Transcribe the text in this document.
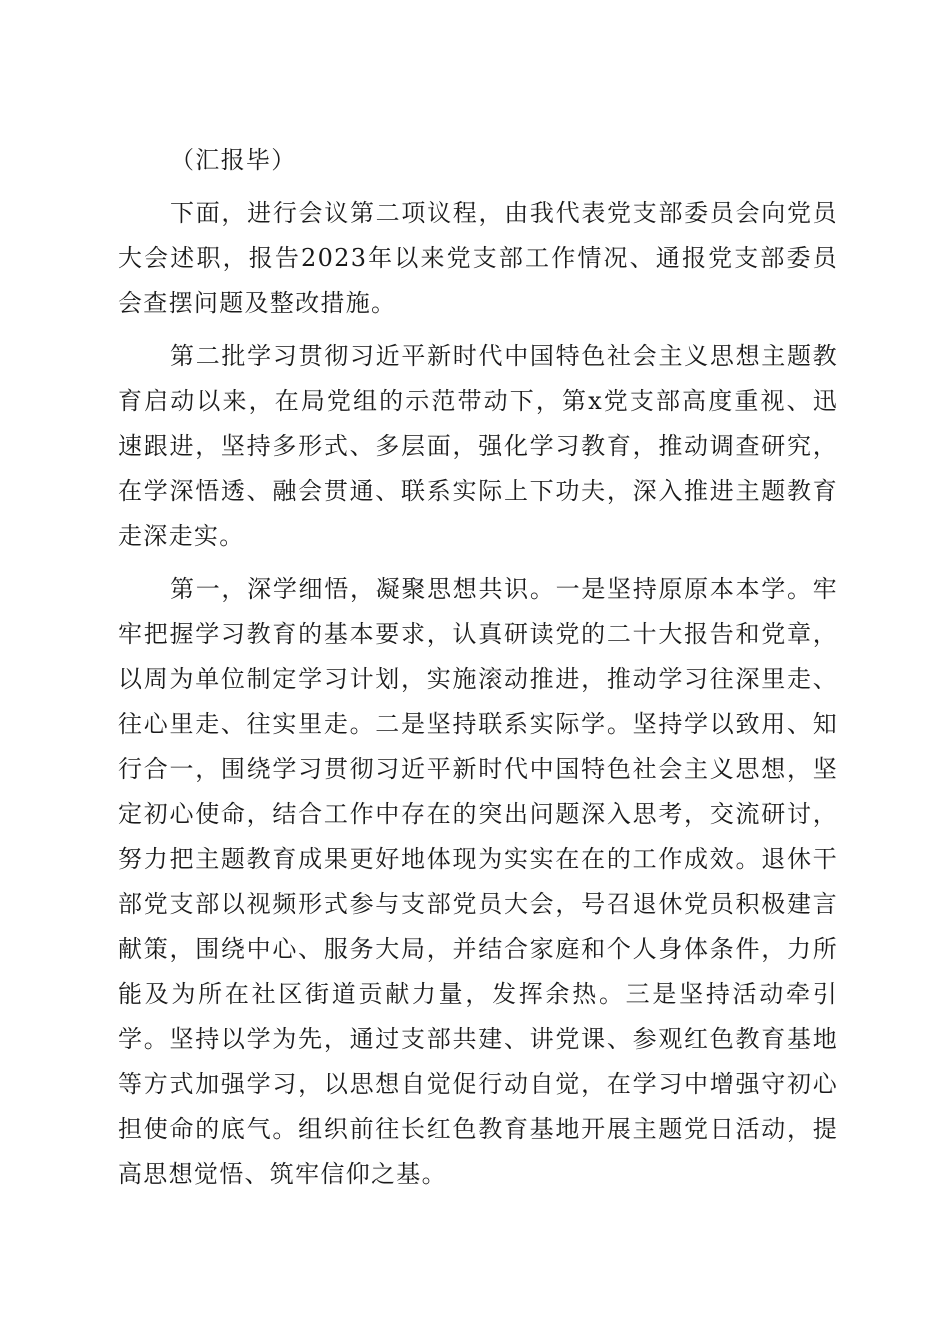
（汇报毕）

下面，进行会议第二项议程，由我代表党支部委员会向党员大会述职，报告2023年以来党支部工作情况、通报党支部委员会查摆问题及整改措施。

第二批学习贯彻习近平新时代中国特色社会主义思想主题教育启动以来，在局党组的示范带动下，第x党支部高度重视、迅速跟进，坚持多形式、多层面，强化学习教育，推动调查研究，在学深悟透、融会贯通、联系实际上下功夫，深入推进主题教育走深走实。

第一，深学细悟，凝聚思想共识。一是坚持原原本本学。牢牢把握学习教育的基本要求，认真研读党的二十大报告和党章，以周为单位制定学习计划，实施滚动推进，推动学习往深里走、往心里走、往实里走。二是坚持联系实际学。坚持学以致用、知行合一，围绕学习贯彻习近平新时代中国特色社会主义思想，坚定初心使命，结合工作中存在的突出问题深入思考，交流研讨，努力把主题教育成果更好地体现为实实在在的工作成效。退休干部党支部以视频形式参与支部党员大会，号召退休党员积极建言献策，围绕中心、服务大局，并结合家庭和个人身体条件，力所能及为所在社区街道贡献力量，发挥余热。三是坚持活动牵引学。坚持以学为先，通过支部共建、讲党课、参观红色教育基地等方式加强学习，以思想自觉促行动自觉，在学习中增强守初心担使命的底气。组织前往长红色教育基地开展主题党日活动，提高思想觉悟、筑牢信仰之基。
